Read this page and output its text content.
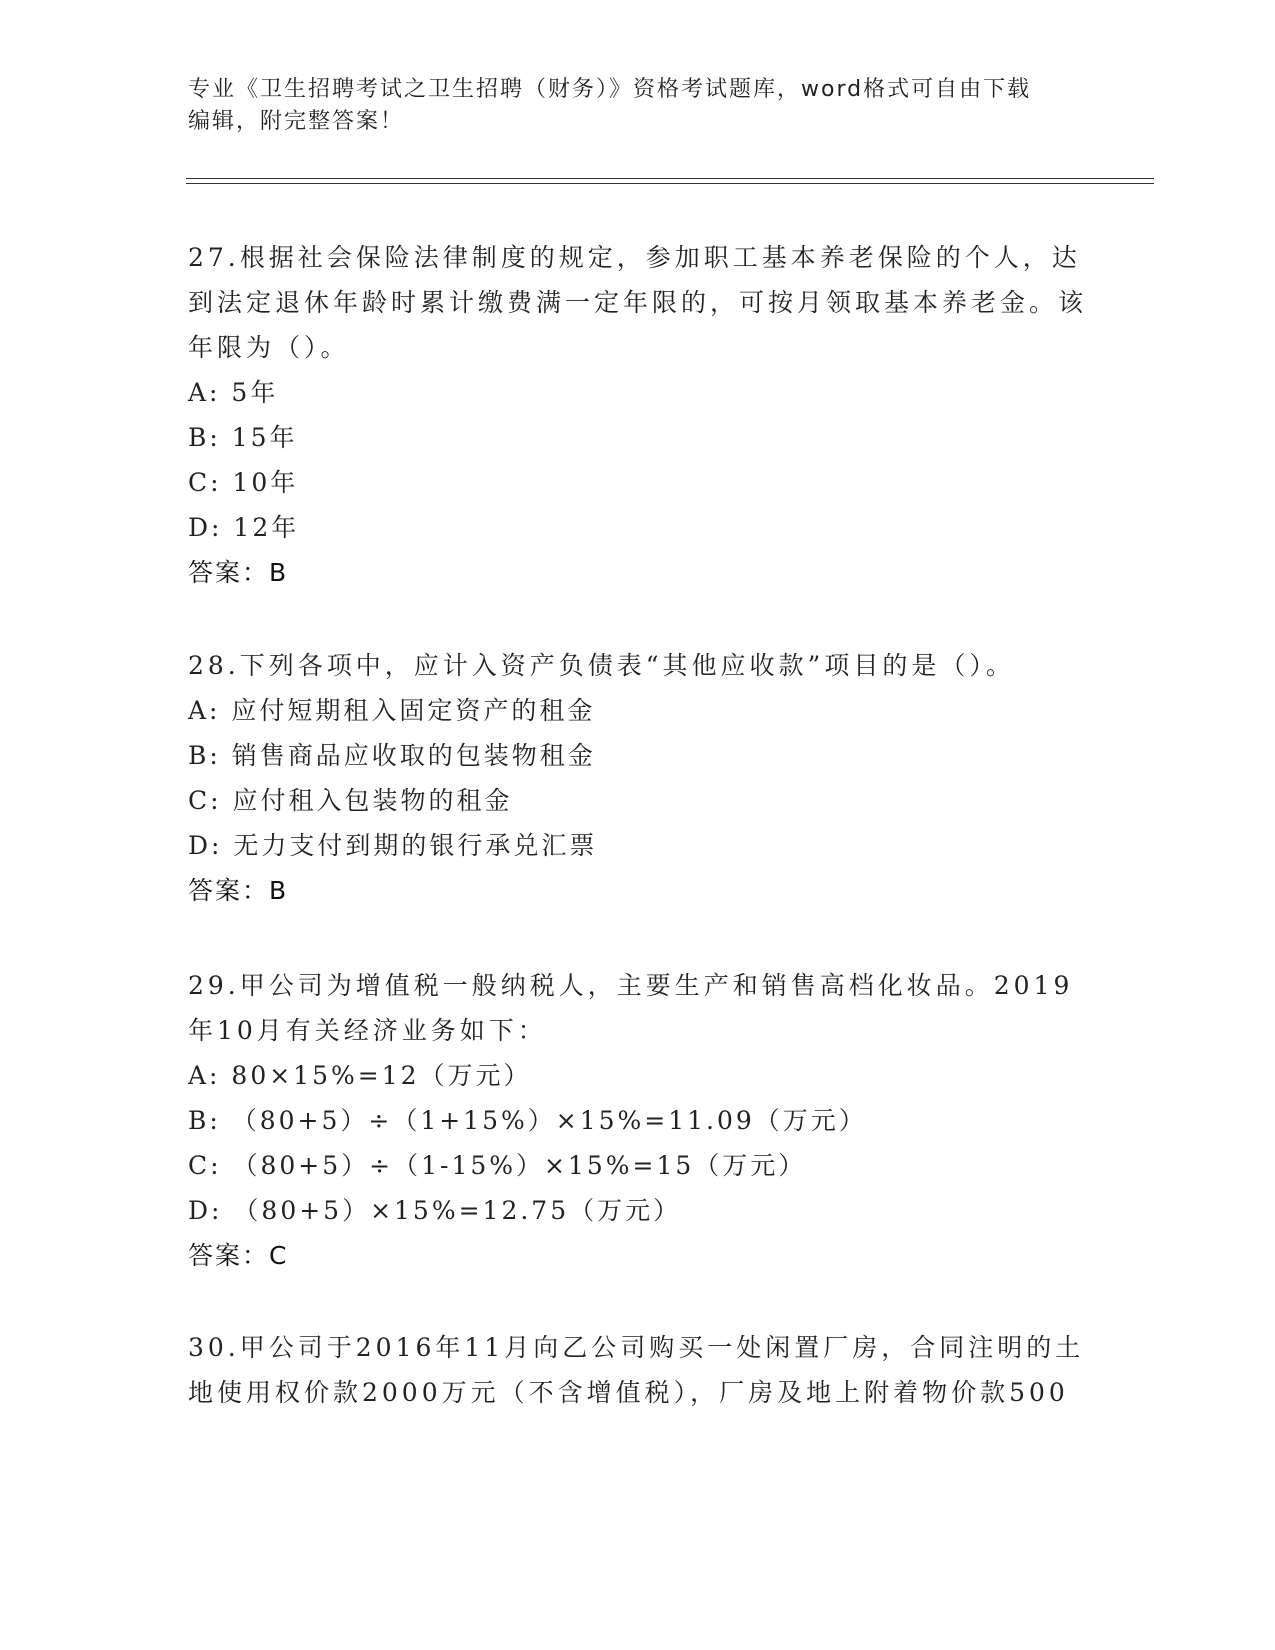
专业《卫生招聘考试之卫生招聘（财务）》资格考试题库，word格式可自由下载
编辑，附完整答案！

27.根据社会保险法律制度的规定，参加职工基本养老保险的个人，达到法定退休年龄时累计缴费满一定年限的，可按月领取基本养老金。该年限为（）。

A: 5年

B: 15年

C: 10年

D: 12年

答案：B

28.下列各项中，应计入资产负债表“其他应收款”项目的是（）。

A: 应付短期租入固定资产的租金

B: 销售商品应收取的包装物租金

C: 应付租入包装物的租金

D: 无力支付到期的银行承兑汇票

答案：B

29.甲公司为增值税一般纳税人，主要生产和销售高档化妆品。2019年10月有关经济业务如下：

A: 80×15%=12（万元）

B: （80+5）÷（1+15%）×15%=11.09（万元）

C: （80+5）÷（1-15%）×15%=15（万元）

D: （80+5）×15%=12.75（万元）

答案：C

30.甲公司于2016年11月向乙公司购买一处闲置厂房，合同注明的土地使用权价款2000万元（不含增值税），厂房及地上附着物价款500
